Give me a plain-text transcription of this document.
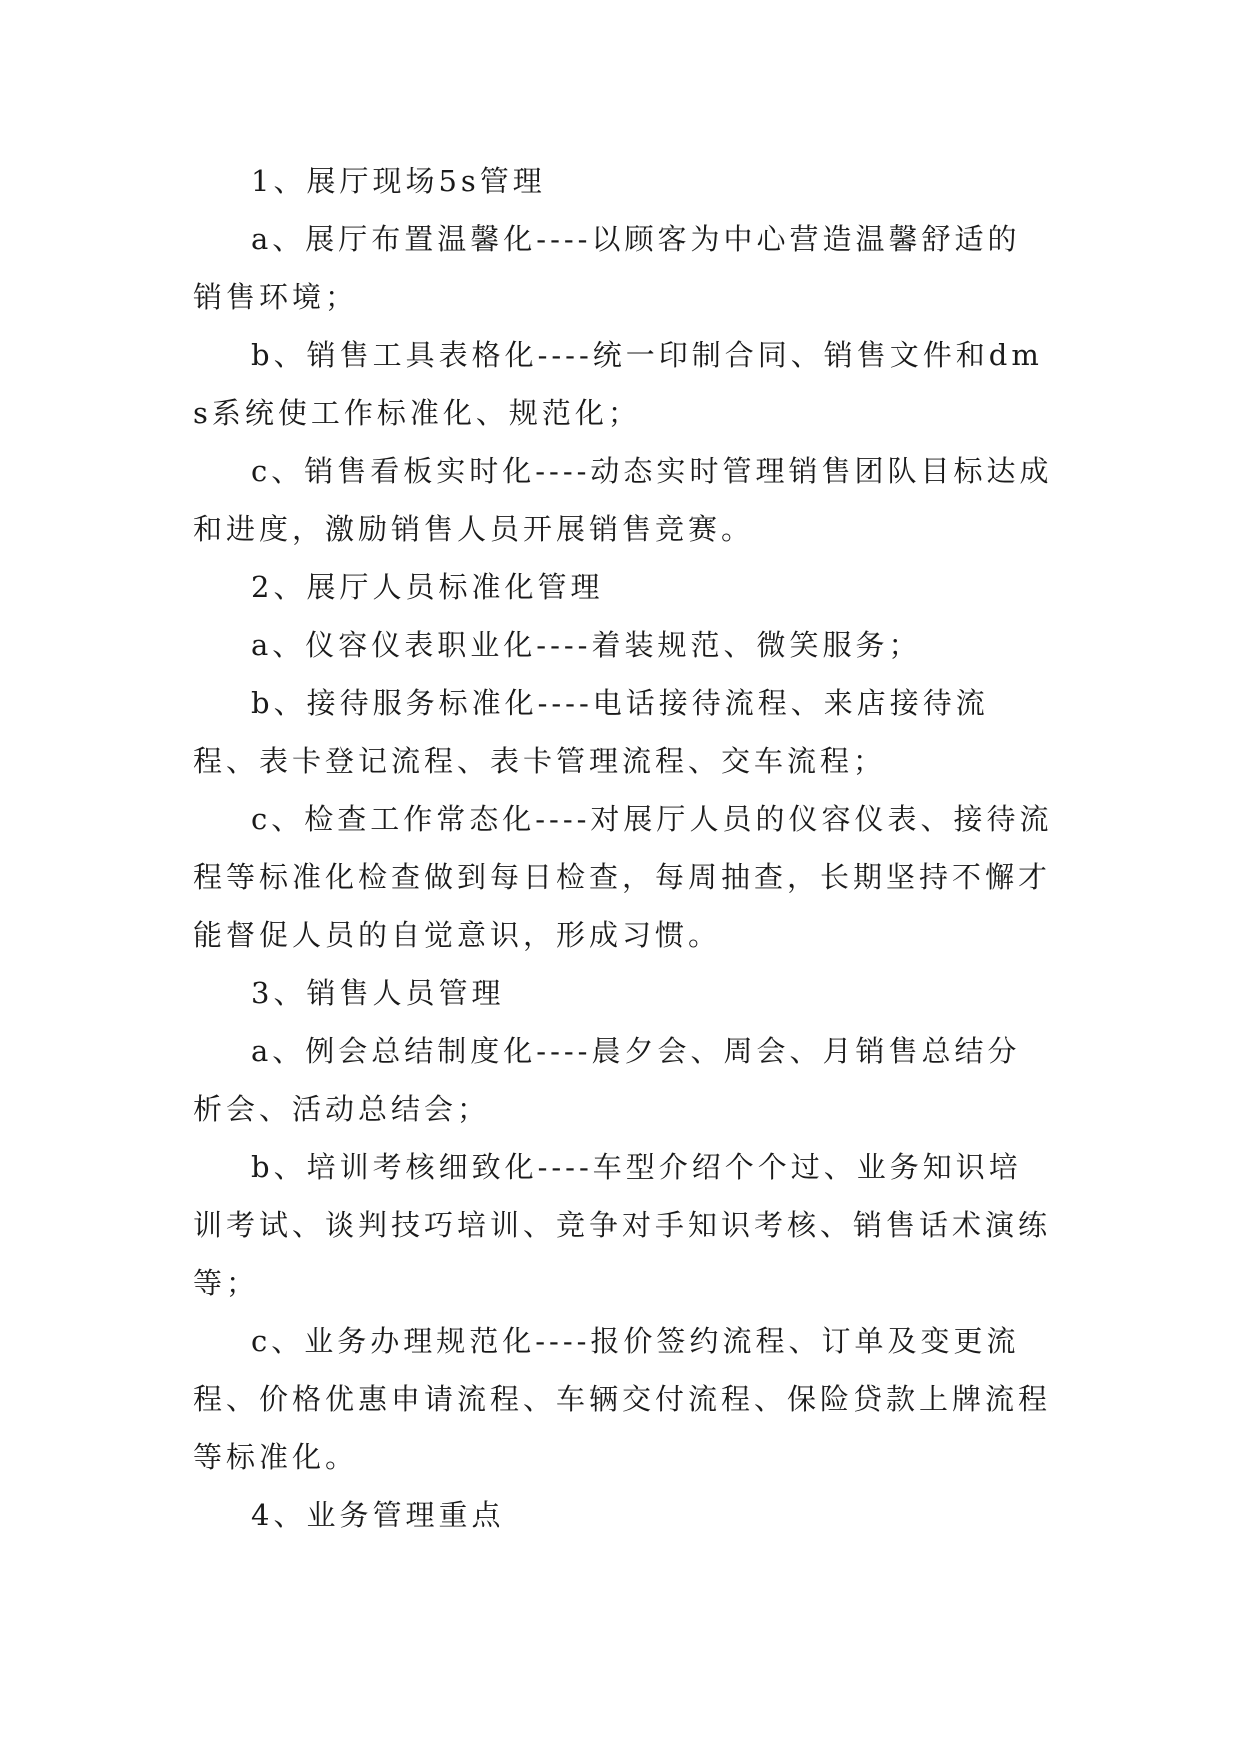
1、展厅现场5s管理

a、展厅布置温馨化----以顾客为中心营造温馨舒适的销售环境；

b、销售工具表格化----统一印制合同、销售文件和dms系统使工作标准化、规范化；

c、销售看板实时化----动态实时管理销售团队目标达成和进度，激励销售人员开展销售竞赛。

2、展厅人员标准化管理

a、仪容仪表职业化----着装规范、微笑服务；

b、接待服务标准化----电话接待流程、来店接待流程、表卡登记流程、表卡管理流程、交车流程；

c、检查工作常态化----对展厅人员的仪容仪表、接待流程等标准化检查做到每日检查，每周抽查，长期坚持不懈才能督促人员的自觉意识，形成习惯。

3、销售人员管理

a、例会总结制度化----晨夕会、周会、月销售总结分析会、活动总结会；

b、培训考核细致化----车型介绍个个过、业务知识培训考试、谈判技巧培训、竞争对手知识考核、销售话术演练等；

c、业务办理规范化----报价签约流程、订单及变更流程、价格优惠申请流程、车辆交付流程、保险贷款上牌流程等标准化。

4、业务管理重点
